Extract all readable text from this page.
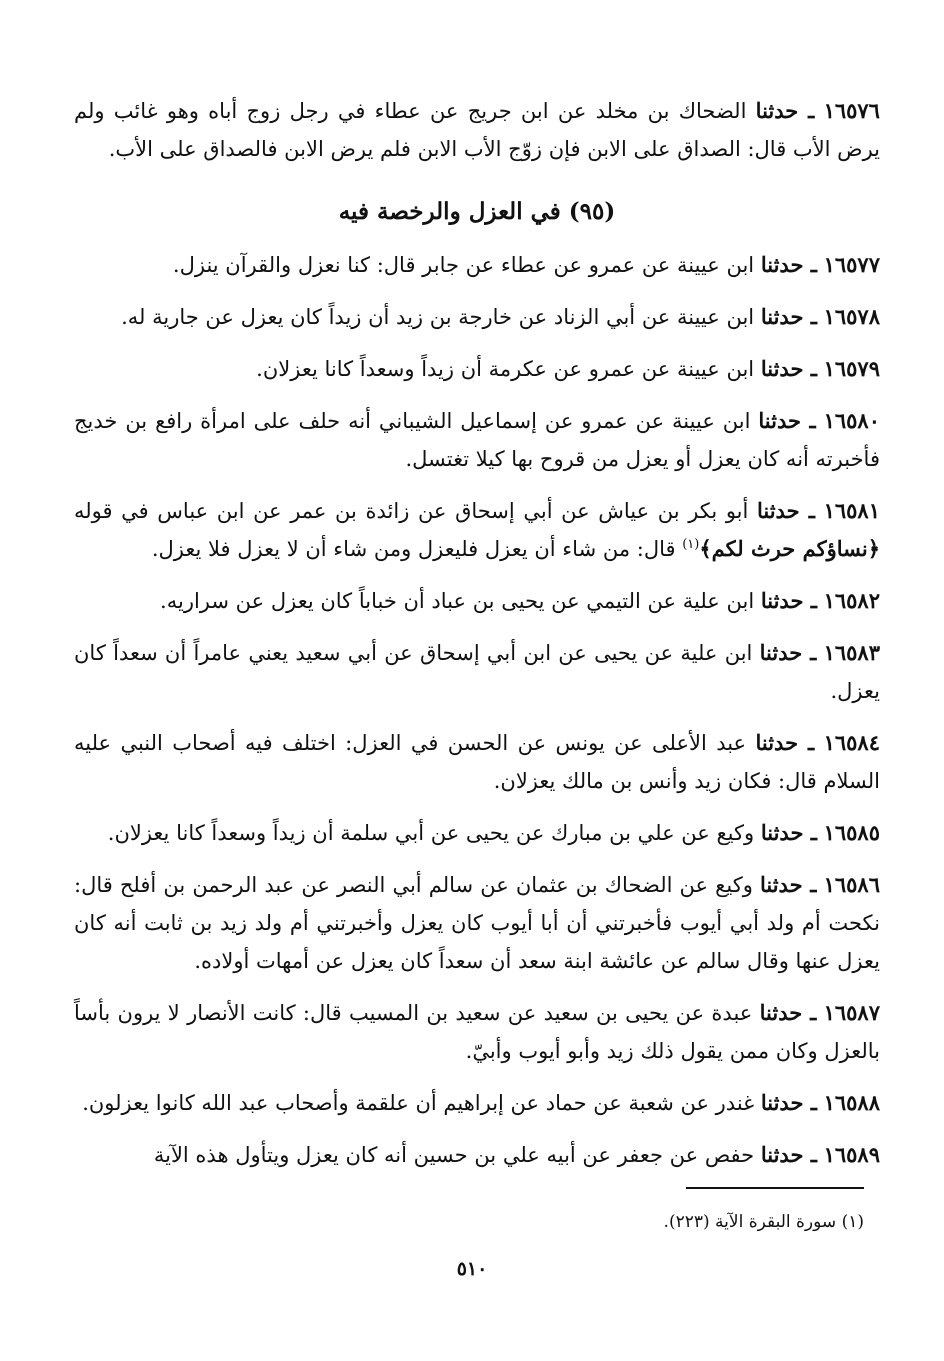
١٦٥٧٦ ـ حدثنا الضحاك بن مخلد عن ابن جريج عن عطاء في رجل زوج أباه وهو غائب ولم يرض الأب قال: الصداق على الابن فإن زوّج الأب الابن فلم يرض الابن فالصداق على الأب.

(٩٥) في العزل والرخصة فيه

١٦٥٧٧ ـ حدثنا ابن عيينة عن عمرو عن عطاء عن جابر قال: كنا نعزل والقرآن ينزل.

١٦٥٧٨ ـ حدثنا ابن عيينة عن أبي الزناد عن خارجة بن زيد أن زيداً كان يعزل عن جارية له.

١٦٥٧٩ ـ حدثنا ابن عيينة عن عمرو عن عكرمة أن زيداً وسعداً كانا يعزلان.

١٦٥٨٠ ـ حدثنا ابن عيينة عن عمرو عن إسماعيل الشيباني أنه حلف على امرأة رافع بن خديج فأخبرته أنه كان يعزل أو يعزل من قروح بها كيلا تغتسل.

١٦٥٨١ ـ حدثنا أبو بكر بن عياش عن أبي إسحاق عن زائدة بن عمر عن ابن عباس في قوله ﴿نساؤكم حرث لكم﴾$^{(١)}$ قال: من شاء أن يعزل فليعزل ومن شاء أن لا يعزل فلا يعزل.

١٦٥٨٢ ـ حدثنا ابن علية عن التيمي عن يحيى بن عباد أن خباباً كان يعزل عن سراريه.

١٦٥٨٣ ـ حدثنا ابن علية عن يحيى عن ابن أبي إسحاق عن أبي سعيد يعني عامراً أن سعداً كان يعزل.

١٦٥٨٤ ـ حدثنا عبد الأعلى عن يونس عن الحسن في العزل: اختلف فيه أصحاب النبي عليه السلام قال: فكان زيد وأنس بن مالك يعزلان.

١٦٥٨٥ ـ حدثنا وكيع عن علي بن مبارك عن يحيى عن أبي سلمة أن زيداً وسعداً كانا يعزلان.

١٦٥٨٦ ـ حدثنا وكيع عن الضحاك بن عثمان عن سالم أبي النصر عن عبد الرحمن بن أفلح قال: نكحت أم ولد أبي أيوب فأخبرتني أن أبا أيوب كان يعزل وأخبرتني أم ولد زيد بن ثابت أنه كان يعزل عنها وقال سالم عن عائشة ابنة سعد أن سعداً كان يعزل عن أمهات أولاده.

١٦٥٨٧ ـ حدثنا عبدة عن يحيى بن سعيد عن سعيد بن المسيب قال: كانت الأنصار لا يرون بأساً بالعزل وكان ممن يقول ذلك زيد وأبو أيوب وأبيّ.

١٦٥٨٨ ـ حدثنا غندر عن شعبة عن حماد عن إبراهيم أن علقمة وأصحاب عبد الله كانوا يعزلون.

١٦٥٨٩ ـ حدثنا حفص عن جعفر عن أبيه علي بن حسين أنه كان يعزل ويتأول هذه الآية

(١) سورة البقرة الآية (٢٢٣).
٥١٠
